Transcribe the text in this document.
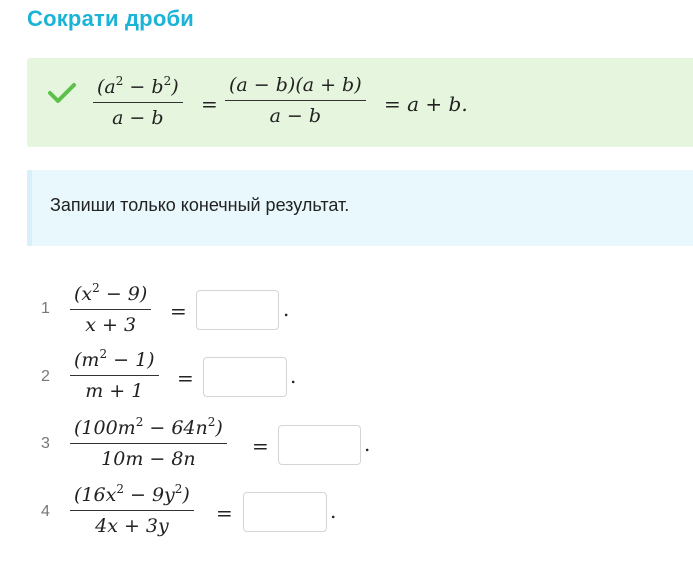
Сократи дроби
$(a^2 - b^2)$
a − b
=
(a − b)(a + b)
a − b
= a + b.
Запиши только конечный результат.
1
$(x^2 - 9)$
x + 3
=	.
2
$(m^2 - 1)$
m + 1
=	.
3
$(100m^2 - 64n^2)$
10m − 8n
=	.
4
$(16x^2 - 9y^2)$
4x + 3y
=	.
